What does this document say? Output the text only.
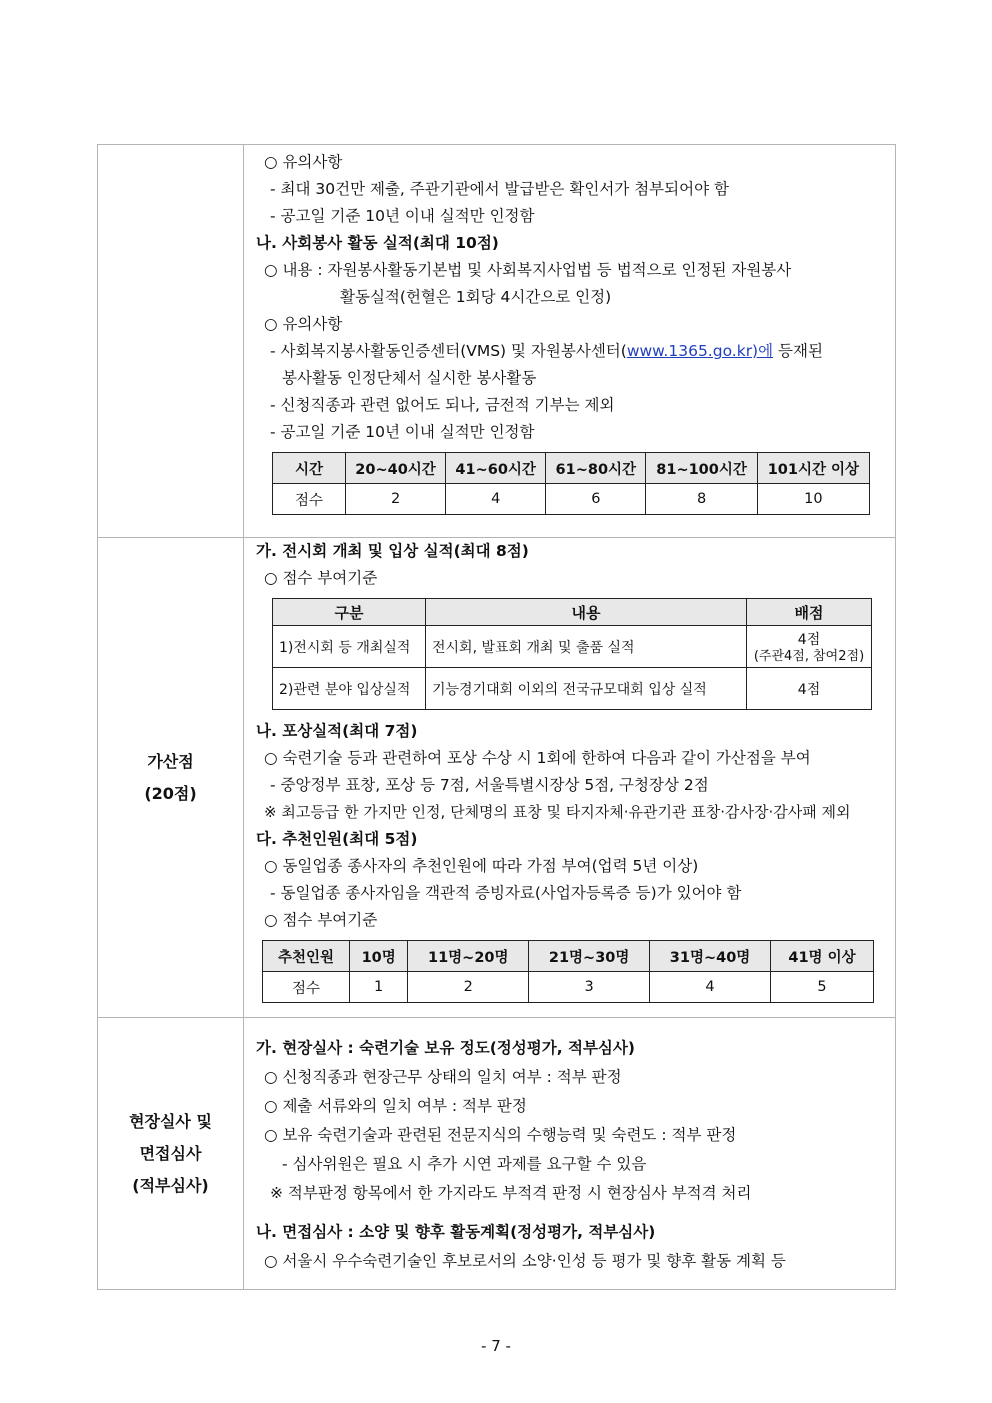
○ 유의사항
- 최대 30건만 제출, 주관기관에서 발급받은 확인서가 첨부되어야 함
- 공고일 기준 10년 이내 실적만 인정함
나. 사회봉사 활동 실적(최대 10점)
○ 내용 : 자원봉사활동기본법 및 사회복지사업법 등 법적으로 인정된 자원봉사
활동실적(헌혈은 1회당 4시간으로 인정)
○ 유의사항
- 사회복지봉사활동인증센터(VMS) 및 자원봉사센터(www.1365.go.kr)에 등재된
봉사활동 인정단체서 실시한 봉사활동
- 신청직종과 관련 없어도 되나, 금전적 기부는 제외
- 공고일 기준 10년 이내 실적만 인정함
시간	20~40시간	41~60시간	61~80시간	81~100시간	101시간 이상
점수	2	4	6	8	10

가산점
(20점)

가. 전시회 개최 및 입상 실적(최대 8점)
○ 점수 부여기준
구분	내용	배점
1)전시회 등 개최실적	전시회, 발표회 개최 및 출품 실적	4점
(주관4점, 참여2점)

2)관련 분야 입상실적	기능경기대회 이외의 전국규모대회 입상 실적	4점
나. 포상실적(최대 7점)
○ 숙련기술 등과 관련하여 포상 수상 시 1회에 한하여 다음과 같이 가산점을 부여
- 중앙정부 표창, 포상 등 7점, 서울특별시장상 5점, 구청장상 2점
※ 최고등급 한 가지만 인정, 단체명의 표창 및 타지자체·유관기관 표창·감사장·감사패 제외
다. 추천인원(최대 5점)
○ 동일업종 종사자의 추천인원에 따라 가점 부여(업력 5년 이상)
- 동일업종 종사자임을 객관적 증빙자료(사업자등록증 등)가 있어야 함
○ 점수 부여기준
추천인원	10명	11명~20명	21명~30명	31명~40명	41명 이상
점수	1	2	3	4	5

현장실사 및
면접심사
(적부심사)

가. 현장실사 : 숙련기술 보유 정도(정성평가, 적부심사)
○ 신청직종과 현장근무 상태의 일치 여부 : 적부 판정
○ 제출 서류와의 일치 여부 : 적부 판정
○ 보유 숙련기술과 관련된 전문지식의 수행능력 및 숙련도 : 적부 판정
- 심사위원은 필요 시 추가 시연 과제를 요구할 수 있음
※ 적부판정 항목에서 한 가지라도 부적격 판정 시 현장심사 부적격 처리
나. 면접심사 : 소양 및 향후 활동계획(정성평가, 적부심사)
○ 서울시 우수숙련기술인 후보로서의 소양·인성 등 평가 및 향후 활동 계획 등
- 7 -
